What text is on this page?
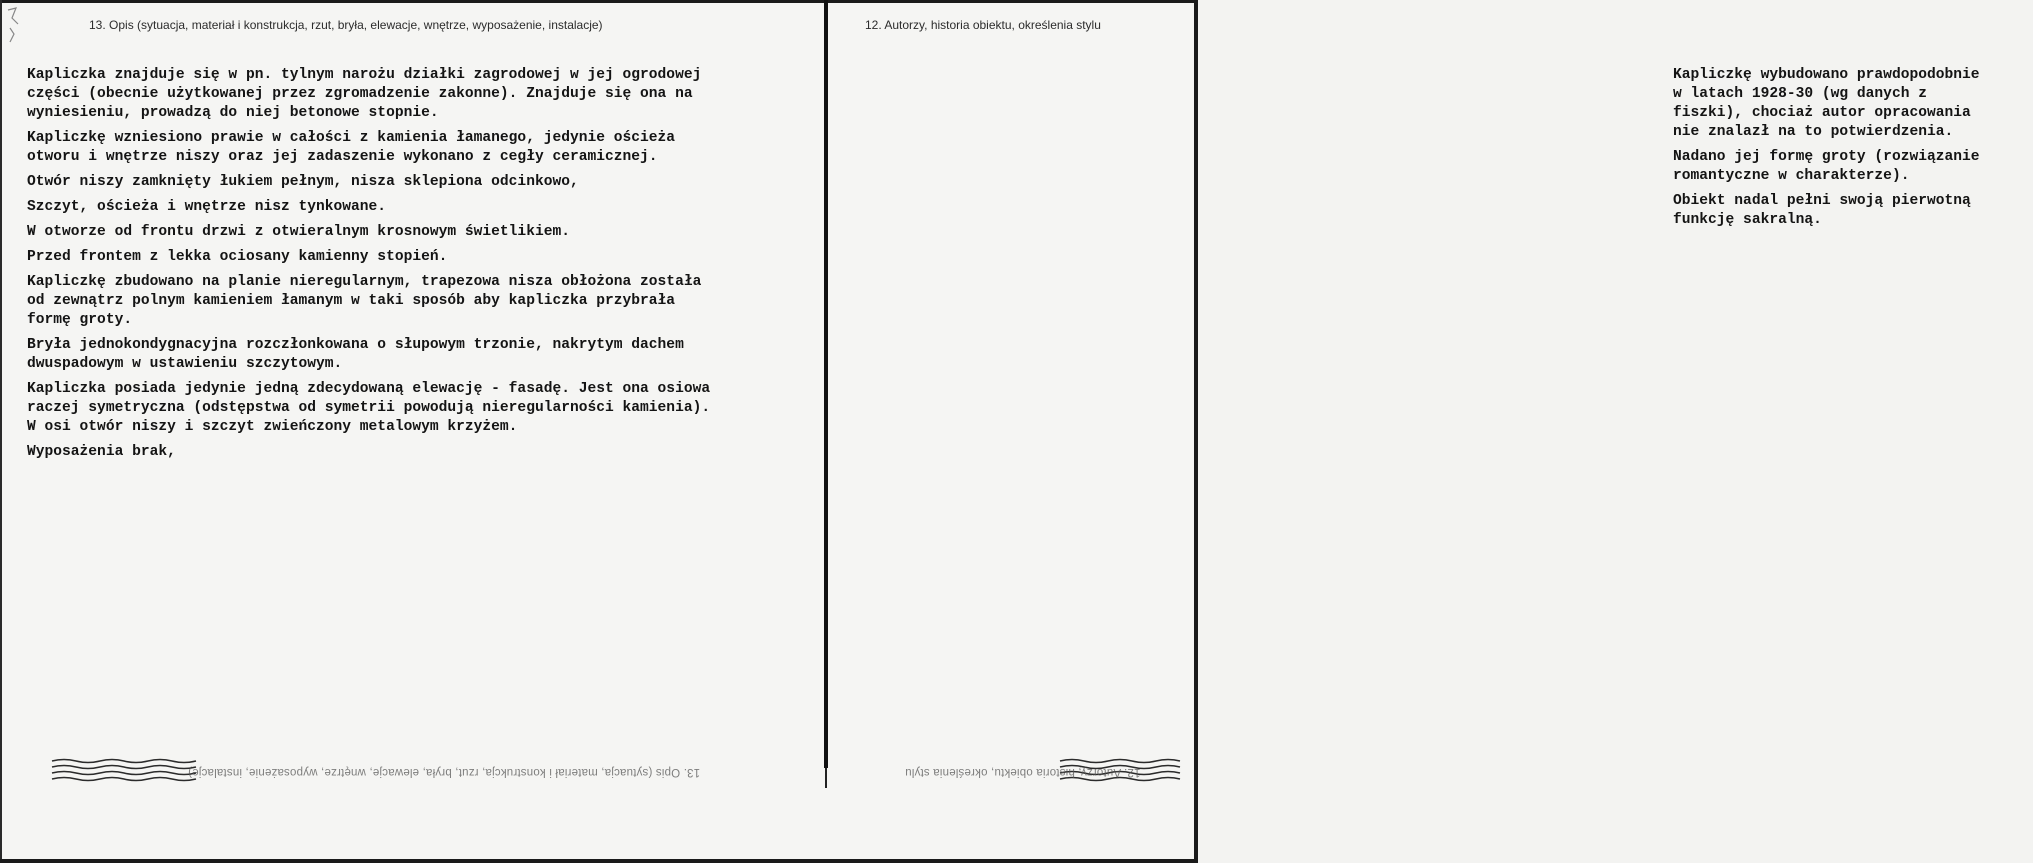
13. Opis (sytuacja, materiał i konstrukcja, rzut, bryła, elewacje, wnętrze, wyposażenie, instalacje)	12. Autorzy, historia obiektu, określenia stylu

Kapliczka znajduje się w pn. tylnym narożu działki zagrodowej w jej ogrodowej
części (obecnie użytkowanej przez zgromadzenie zakonne). Znajduje się ona na
wyniesieniu, prowadzą do niej betonowe stopnie.

Kapliczkę wzniesiono prawie w całości z kamienia łamanego, jedynie ościeża
otworu i wnętrze niszy oraz jej zadaszenie wykonano z cegły ceramicznej.

Otwór niszy zamknięty łukiem pełnym, nisza sklepiona odcinkowo,

Szczyt, ościeża i wnętrze nisz tynkowane.

W otworze od frontu drzwi z otwieralnym krosnowym świetlikiem.

Przed frontem z lekka ociosany kamienny stopień.

Kapliczkę zbudowano na planie nieregularnym, trapezowa nisza obłożona została
od zewnątrz polnym kamieniem łamanym w taki sposób aby kapliczka przybrała
formę groty.

Bryła jednokondygnacyjna rozczłonkowana o słupowym trzonie, nakrytym dachem
dwuspadowym w ustawieniu szczytowym.

Kapliczka posiada jedynie jedną zdecydowaną elewację - fasadę. Jest ona osiowa
raczej symetryczna (odstępstwa od symetrii powodują nieregularności kamienia).
W osi otwór niszy i szczyt zwieńczony metalowym krzyżem.

Wyposażenia brak,

Kapliczkę wybudowano prawdopodobnie
w latach 1928-30 (wg danych z
fiszki), chociaż autor opracowania
nie znalazł na to potwierdzenia.

Nadano jej formę groty (rozwiązanie
romantyczne w charakterze).

Obiekt nadal pełni swoją pierwotną
funkcję sakralną.

13. Opis (sytuacja, materiał i konstrukcja, rzut, bryła, elewacje, wnętrze, wyposażenie, instalacje)	12. Autorzy, historia obiektu, określenia stylu
